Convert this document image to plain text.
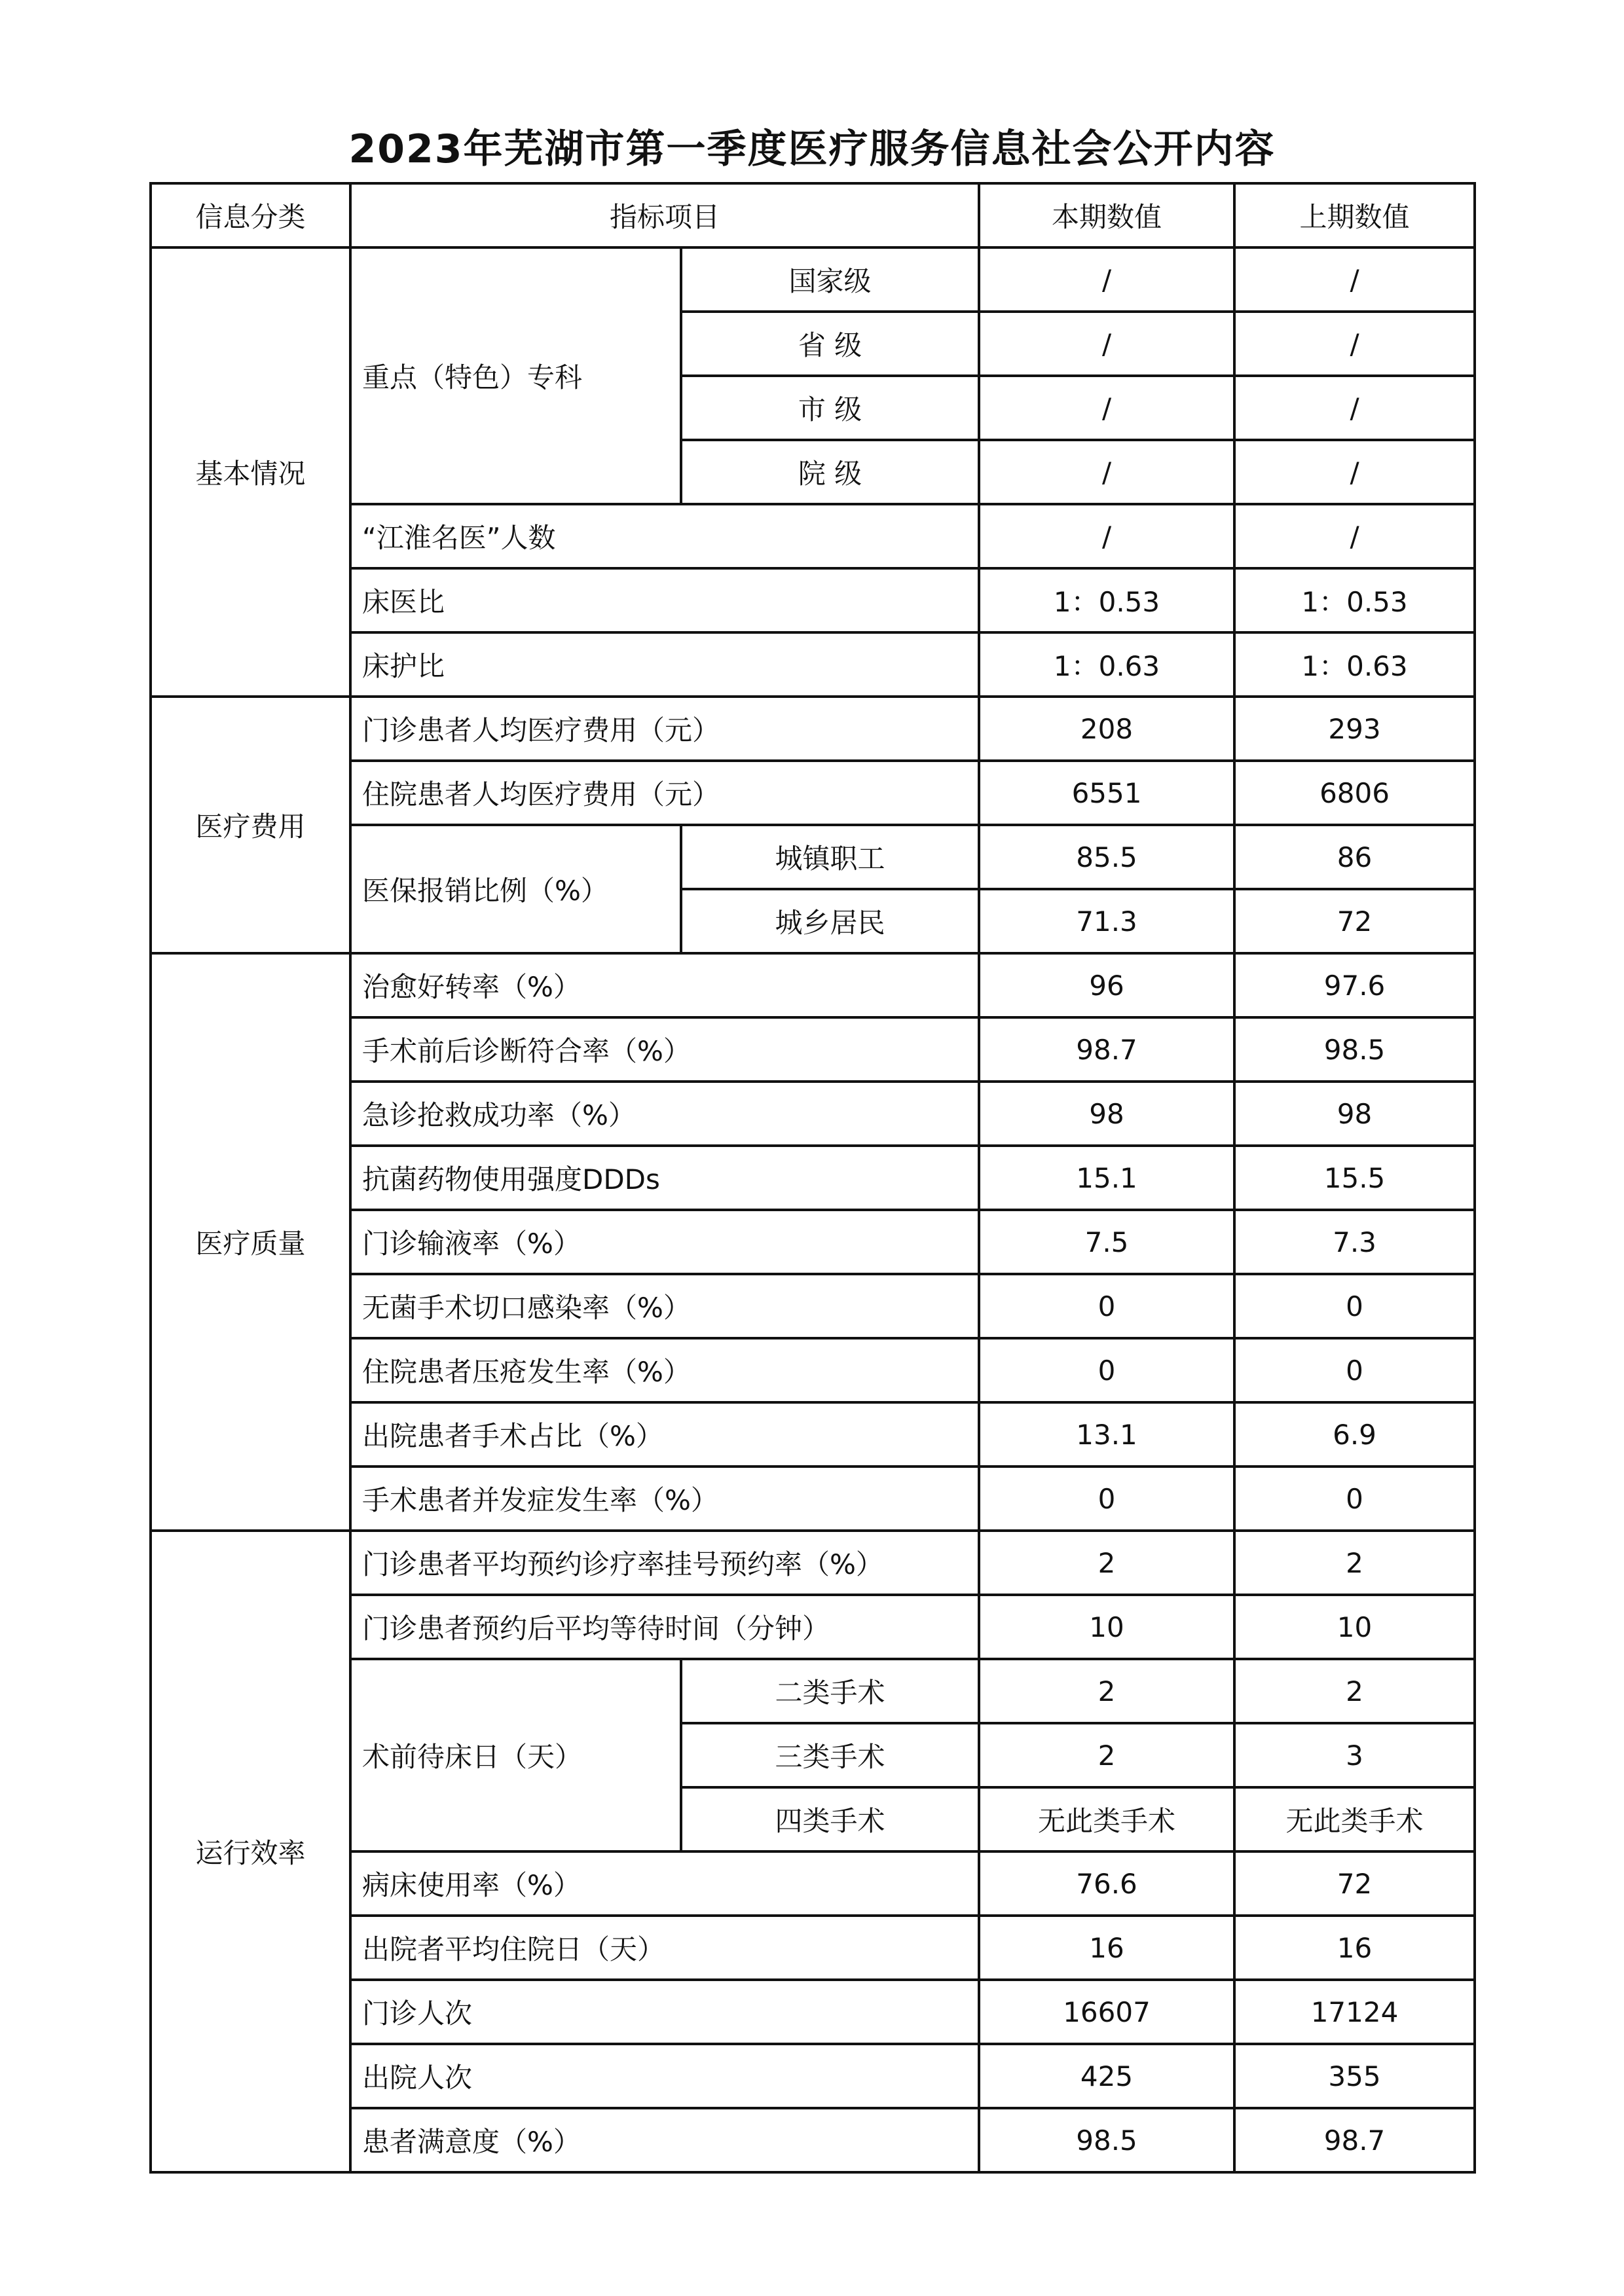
2023年芜湖市第一季度医疗服务信息社会公开内容
信息分类	指标项目		本期数值	上期数值
基本情况	重点（特色）专科	国家级	/	/
		省 级	/	/
		市 级	/	/
		院 级	/	/
	“江淮名医”人数		/	/
	床医比		1：0.53	1：0.53
	床护比		1：0.63	1：0.63
医疗费用	门诊患者人均医疗费用（元）		208	293
	住院患者人均医疗费用（元）		6551	6806
	医保报销比例（%）	城镇职工	85.5	86
		城乡居民	71.3	72
医疗质量	治愈好转率（%）		96	97.6
	手术前后诊断符合率（%）		98.7	98.5
	急诊抢救成功率（%）		98	98
	抗菌药物使用强度DDDs		15.1	15.5
	门诊输液率（%）		7.5	7.3
	无菌手术切口感染率（%）		0	0
	住院患者压疮发生率（%）		0	0
	出院患者手术占比（%）		13.1	6.9
	手术患者并发症发生率（%）		0	0
运行效率	门诊患者平均预约诊疗率挂号预约率（%）		2	2
	门诊患者预约后平均等待时间（分钟）		10	10
	术前待床日（天）	二类手术	2	2
		三类手术	2	3
		四类手术	无此类手术	无此类手术
	病床使用率（%）		76.6	72
	出院者平均住院日（天）		16	16
	门诊人次		16607	17124
	出院人次		425	355
	患者满意度（%）		98.5	98.7
